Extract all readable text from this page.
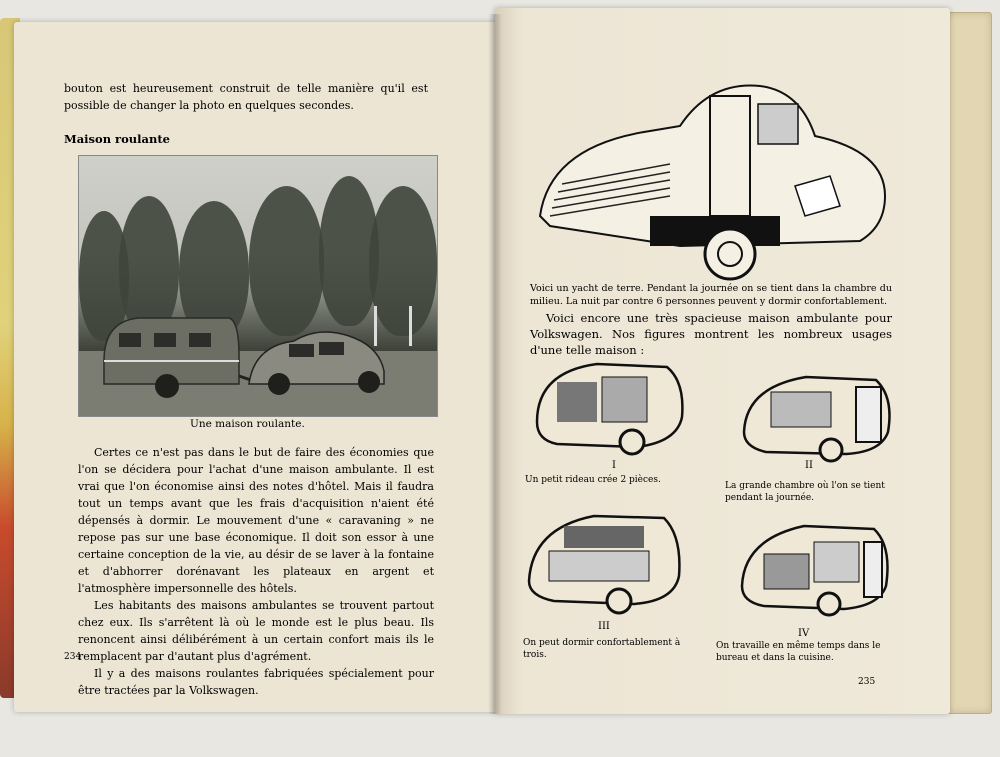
bouton est heureusement construit de telle manière qu'il est possible de changer la photo en quelques secondes.
Maison roulante
Une maison roulante.

Certes ce n'est pas dans le but de faire des économies que l'on se décidera pour l'achat d'une maison ambulante. Il est vrai que l'on économise ainsi des notes d'hôtel. Mais il faudra tout un temps avant que les frais d'acquisition n'aient été dépensés à dormir. Le mouvement d'une « caravaning » ne repose pas sur une base économique. Il doit son essor à une certaine conception de la vie, au désir de se laver à la fontaine et d'abhorrer dorénavant les plateaux en argent et l'atmosphère impersonnelle des hôtels.

Les habitants des maisons ambulantes se trouvent partout chez eux. Ils s'arrêtent là où le monde est le plus beau. Ils renoncent ainsi délibérément à un certain confort mais ils le remplacent par d'autant plus d'agrément.

Il y a des maisons roulantes fabriquées spécialement pour être tractées par la Volkswagen.

234
Voici un yacht de terre. Pendant la journée on se tient dans la chambre du milieu. La nuit par contre 6 personnes peuvent y dormir confortablement.

Voici encore une très spacieuse maison ambulante pour Volkswagen. Nos figures montrent les nombreux usages d'une telle maison :

I
Un petit rideau crée 2 pièces.
II
La grande chambre où l'on se tient pendant la journée.
III
On peut dormir confortablement à trois.
IV
On travaille en même temps dans le bureau et dans la cuisine.
235
